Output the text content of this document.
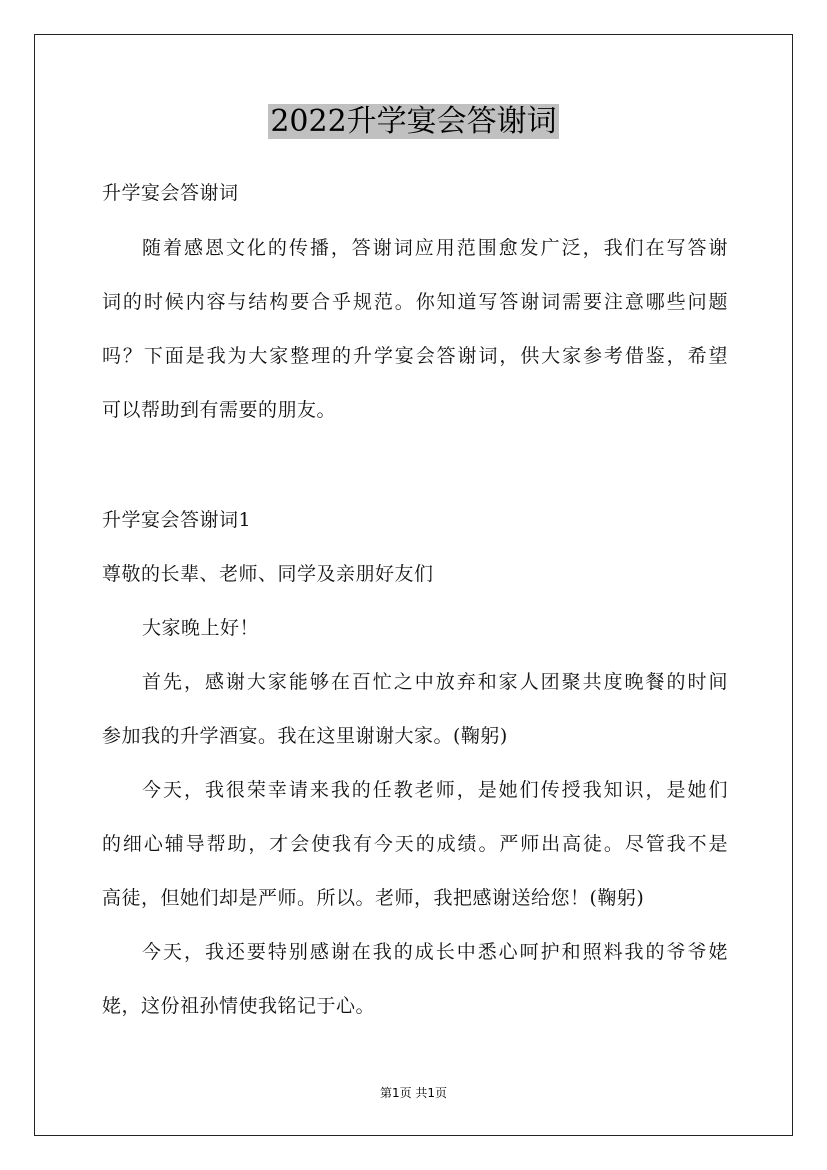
2022升学宴会答谢词

升学宴会答谢词

随着感恩文化的传播，答谢词应用范围愈发广泛，我们在写答谢

词的时候内容与结构要合乎规范。你知道写答谢词需要注意哪些问题

吗？下面是我为大家整理的升学宴会答谢词，供大家参考借鉴，希望

可以帮助到有需要的朋友。

升学宴会答谢词1

尊敬的长辈、老师、同学及亲朋好友们

大家晚上好！

首先，感谢大家能够在百忙之中放弃和家人团聚共度晚餐的时间

参加我的升学酒宴。我在这里谢谢大家。(鞠躬)

今天，我很荣幸请来我的任教老师，是她们传授我知识，是她们

的细心辅导帮助，才会使我有今天的成绩。严师出高徒。尽管我不是

高徒，但她们却是严师。所以。老师，我把感谢送给您！(鞠躬)

今天，我还要特别感谢在我的成长中悉心呵护和照料我的爷爷姥

姥，这份祖孙情使我铭记于心。

第1页 共1页
